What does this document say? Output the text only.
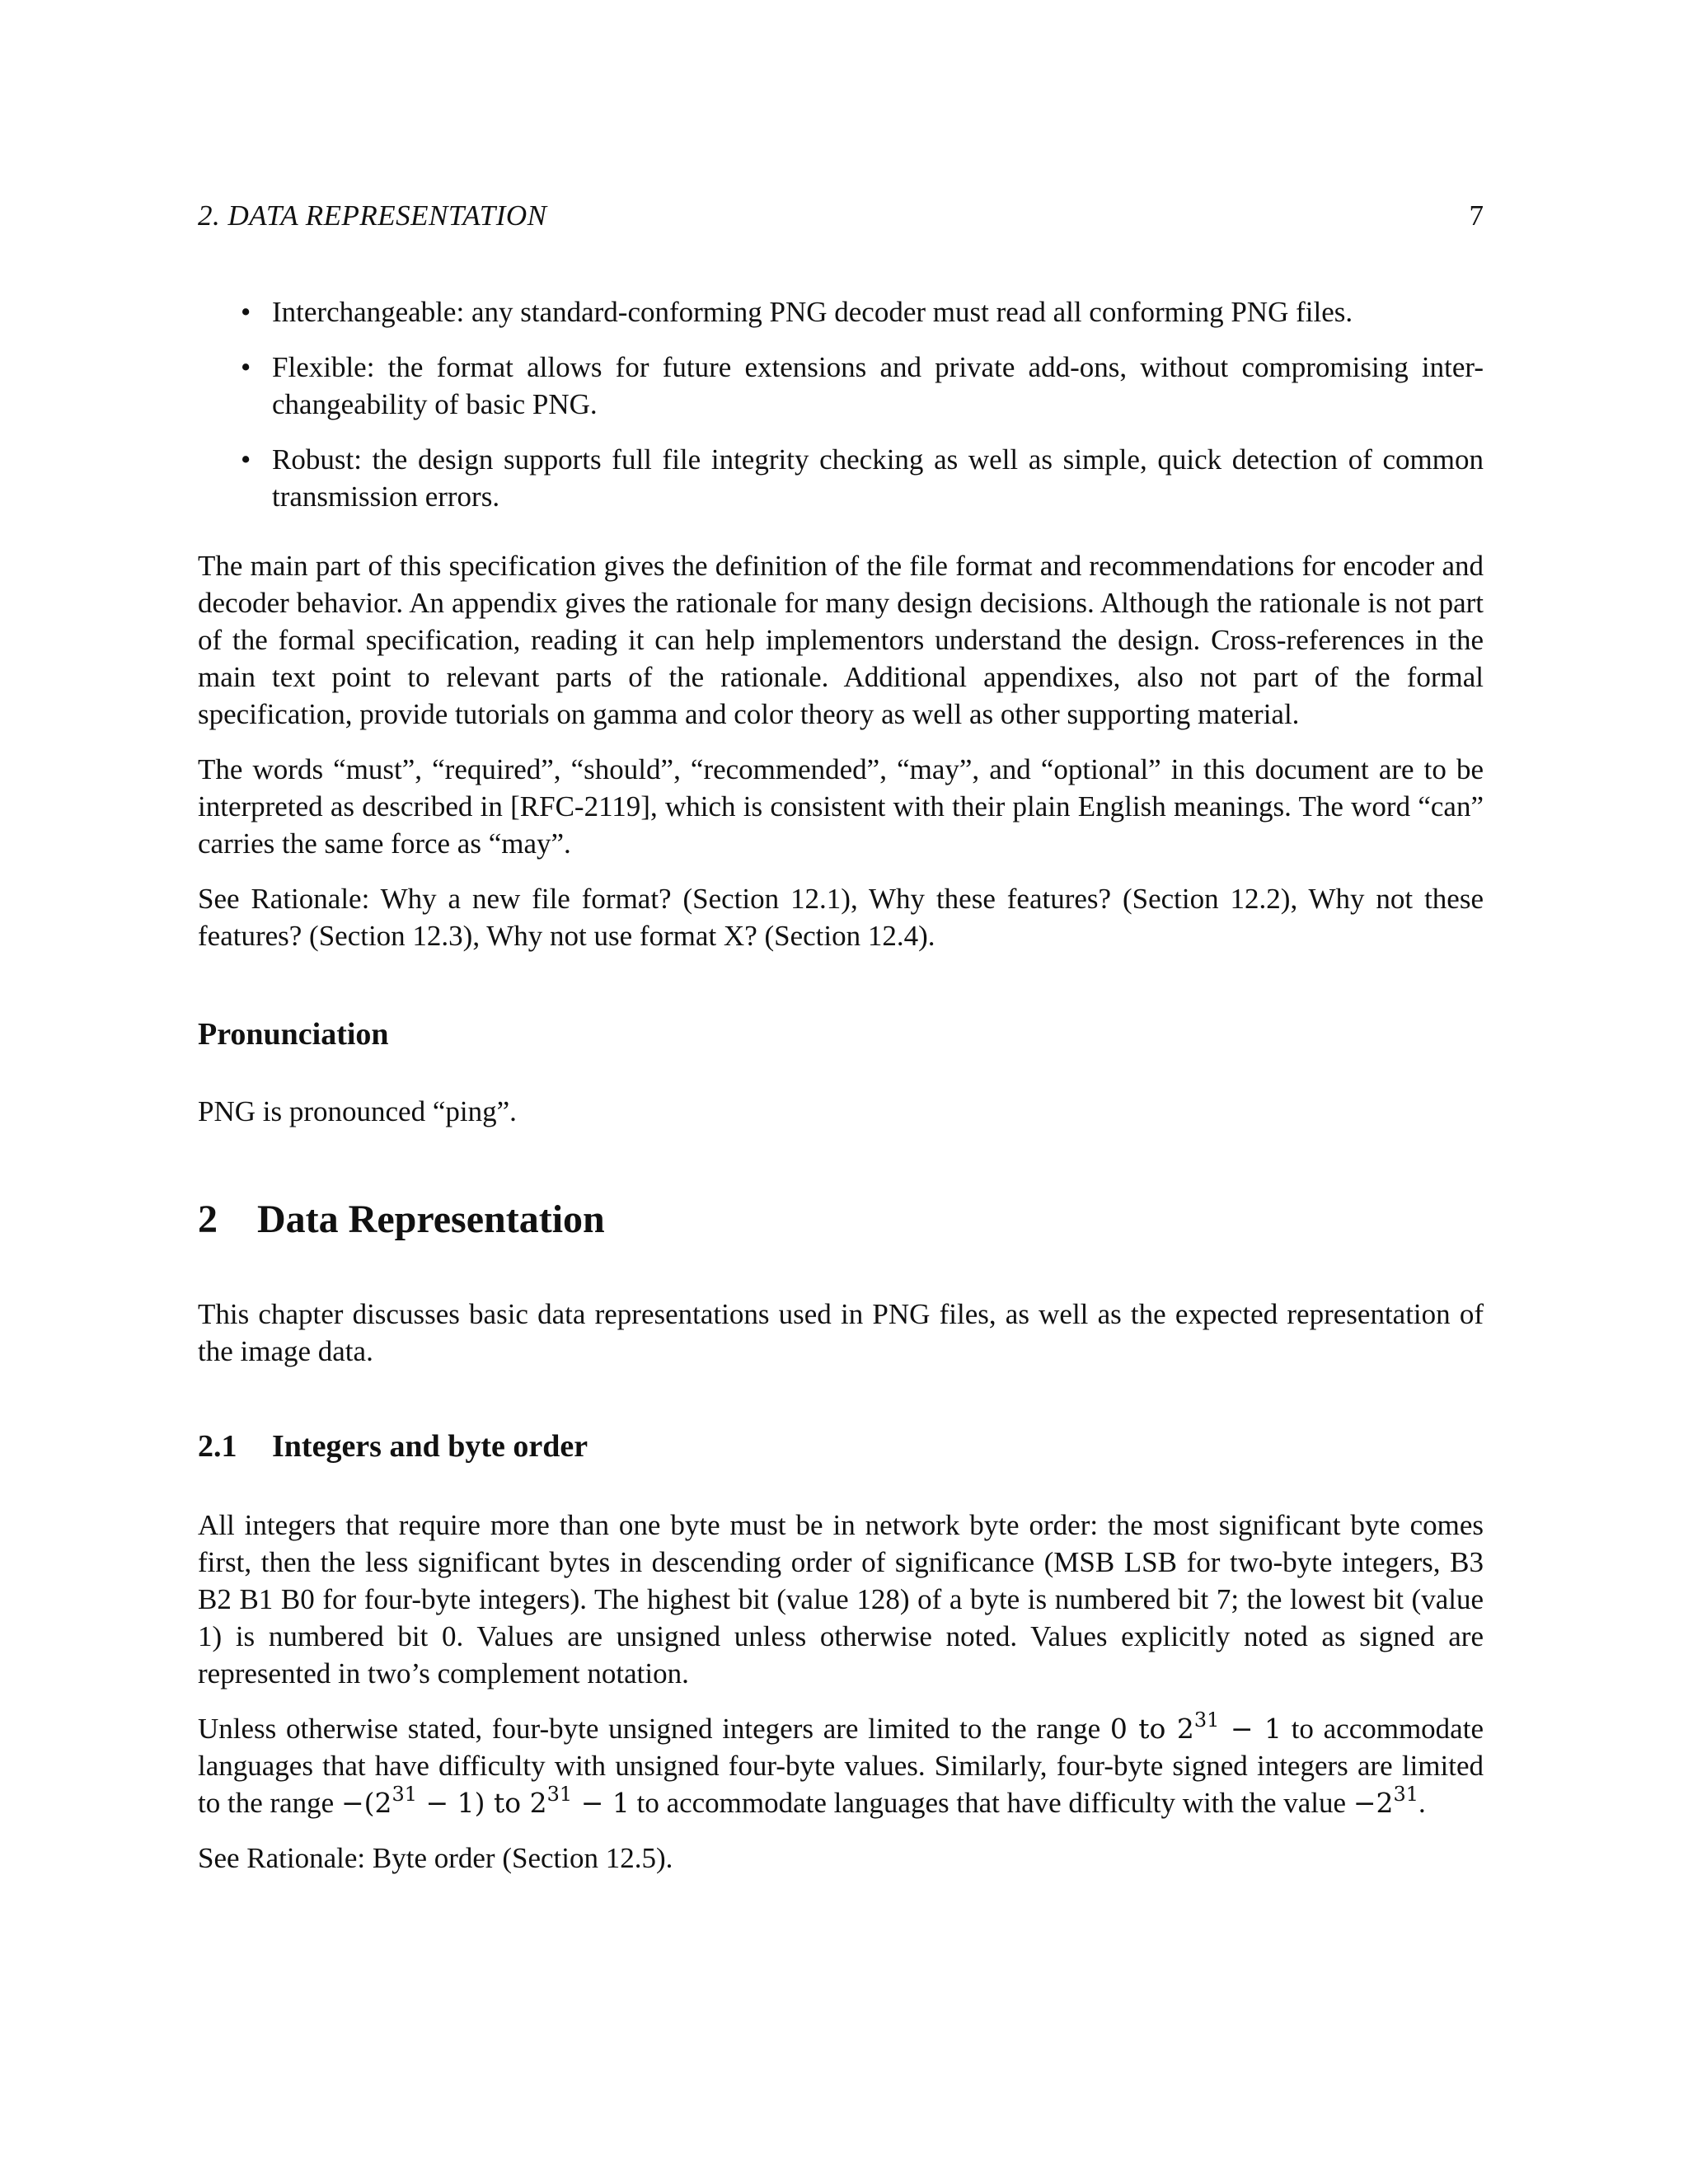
2. DATA REPRESENTATION	7
• Interchangeable: any standard-conforming PNG decoder must read all conforming PNG files.
• Flexible: the format allows for future extensions and private add-ons, without compromising inter-changeability of basic PNG.
• Robust: the design supports full file integrity checking as well as simple, quick detection of common transmission errors.

The main part of this specification gives the definition of the file format and recommendations for encoder and decoder behavior. An appendix gives the rationale for many design decisions. Although the rationale is not part of the formal specification, reading it can help implementors understand the design. Cross-references in the main text point to relevant parts of the rationale. Additional appendixes, also not part of the formal specification, provide tutorials on gamma and color theory as well as other supporting material.

The words “must”, “required”, “should”, “recommended”, “may”, and “optional” in this document are to be interpreted as described in [RFC-2119], which is consistent with their plain English meanings. The word “can” carries the same force as “may”.

See Rationale: Why a new file format? (Section 12.1), Why these features? (Section 12.2), Why not these features? (Section 12.3), Why not use format X? (Section 12.4).

Pronunciation
PNG is pronounced “ping”.
2 Data Representation
This chapter discusses basic data representations used in PNG files, as well as the expected representation of the image data.
2.1 Integers and byte order

All integers that require more than one byte must be in network byte order: the most significant byte comes first, then the less significant bytes in descending order of significance (MSB LSB for two-byte integers, B3 B2 B1 B0 for four-byte integers). The highest bit (value 128) of a byte is numbered bit 7; the lowest bit (value 1) is numbered bit 0. Values are unsigned unless otherwise noted. Values explicitly noted as signed are represented in two’s complement notation.

Unless otherwise stated, four-byte unsigned integers are limited to the range 0 to $2^{31} - 1$ to accommodate languages that have difficulty with unsigned four-byte values. Similarly, four-byte signed integers are limited to the range $-(2^{31} - 1)$ to $2^{31} - 1$ to accommodate languages that have difficulty with the value $-2^{31}$.

See Rationale: Byte order (Section 12.5).
